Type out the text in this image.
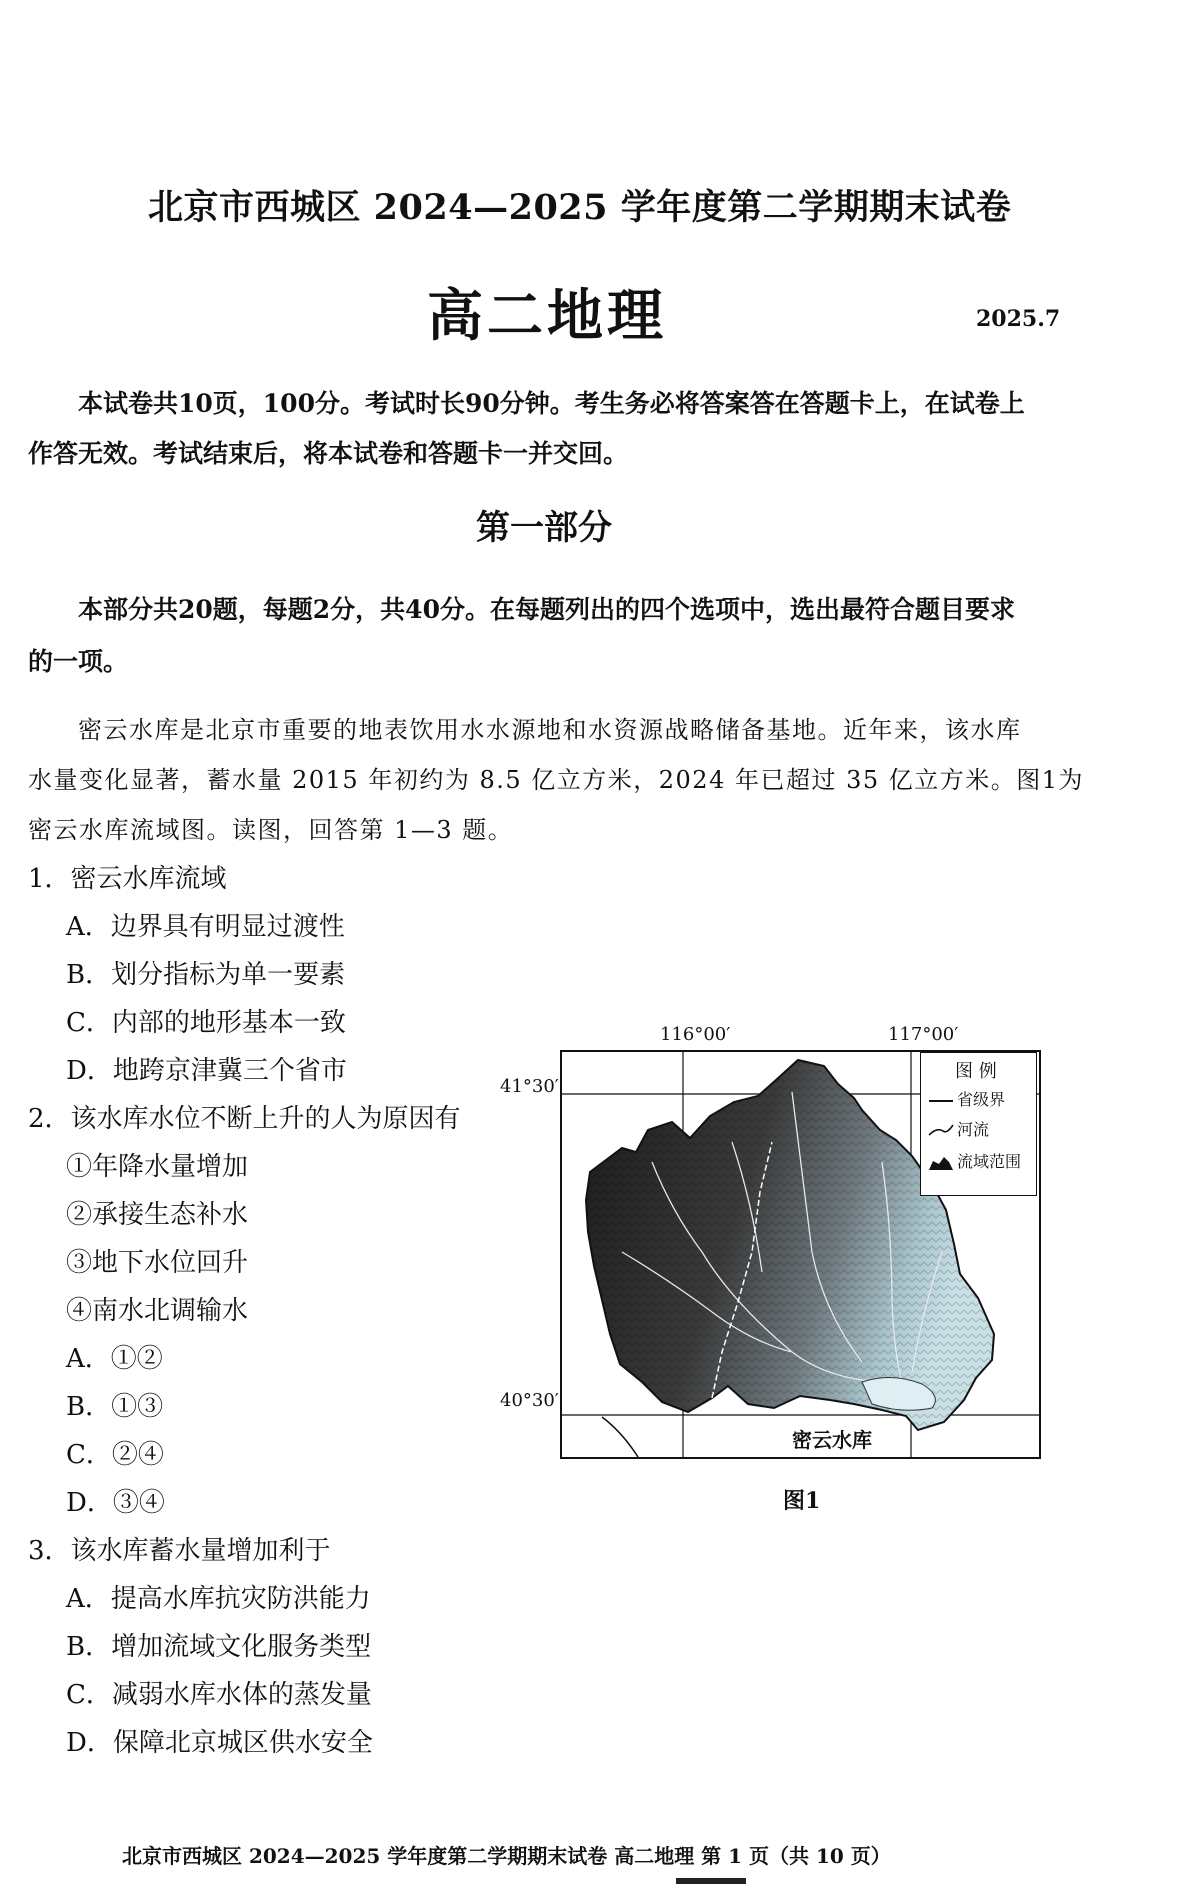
北京市西城区 2024—2025 学年度第二学期期末试卷
高二地理	2025.7
本试卷共10页，100分。考试时长90分钟。考生务必将答案答在答题卡上，在试卷上
作答无效。考试结束后，将本试卷和答题卡一并交回。
第一部分
本部分共20题，每题2分，共40分。在每题列出的四个选项中，选出最符合题目要求
的一项。
密云水库是北京市重要的地表饮用水水源地和水资源战略储备基地。近年来，该水库
水量变化显著，蓄水量 2015 年初约为 8.5 亿立方米，2024 年已超过 35 亿立方米。图1为
密云水库流域图。读图，回答第 1—3 题。
1．密云水库流域
A．边界具有明显过渡性
B．划分指标为单一要素
C．内部的地形基本一致
D．地跨京津冀三个省市
2．该水库水位不断上升的人为原因有
①年降水量增加
②承接生态补水
③地下水位回升
④南水北调输水
A．①②
B．①③
C．②④
D．③④
3．该水库蓄水量增加利于
A．提高水库抗灾防洪能力
B．增加流域文化服务类型
C．减弱水库水体的蒸发量
D．保障北京城区供水安全
116°00′	117°00′
41°30′
40°30′
密云水库
图 例
省级界
河流
流域范围
图1
北京市西城区 2024—2025 学年度第二学期期末试卷 高二地理 第 1 页（共 10 页）
